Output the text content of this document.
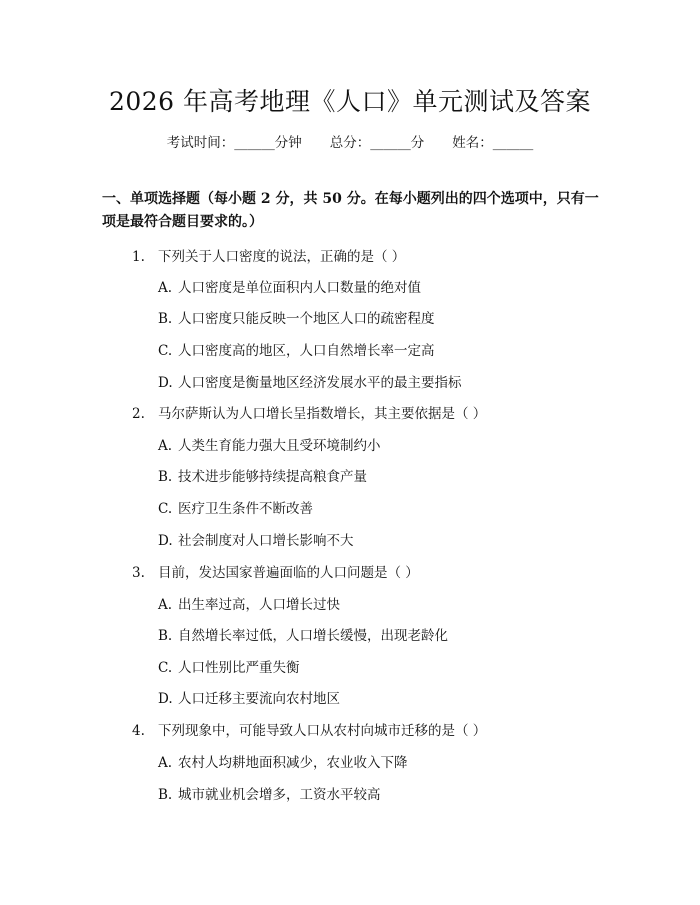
2026 年高考地理《人口》单元测试及答案
考试时间：______分钟 总分：______分 姓名：______

一、单项选择题（每小题 2 分，共 50 分。在每小题列出的四个选项中，只有一项是最符合题目要求的。）

1. 下列关于人口密度的说法，正确的是（ ）
A. 人口密度是单位面积内人口数量的绝对值
B. 人口密度只能反映一个地区人口的疏密程度
C. 人口密度高的地区，人口自然增长率一定高
D. 人口密度是衡量地区经济发展水平的最主要指标
2. 马尔萨斯认为人口增长呈指数增长，其主要依据是（ ）
A. 人类生育能力强大且受环境制约小
B. 技术进步能够持续提高粮食产量
C. 医疗卫生条件不断改善
D. 社会制度对人口增长影响不大
3. 目前，发达国家普遍面临的人口问题是（ ）
A. 出生率过高，人口增长过快
B. 自然增长率过低，人口增长缓慢，出现老龄化
C. 人口性别比严重失衡
D. 人口迁移主要流向农村地区
4. 下列现象中，可能导致人口从农村向城市迁移的是（ ）
A. 农村人均耕地面积减少，农业收入下降
B. 城市就业机会增多，工资水平较高
